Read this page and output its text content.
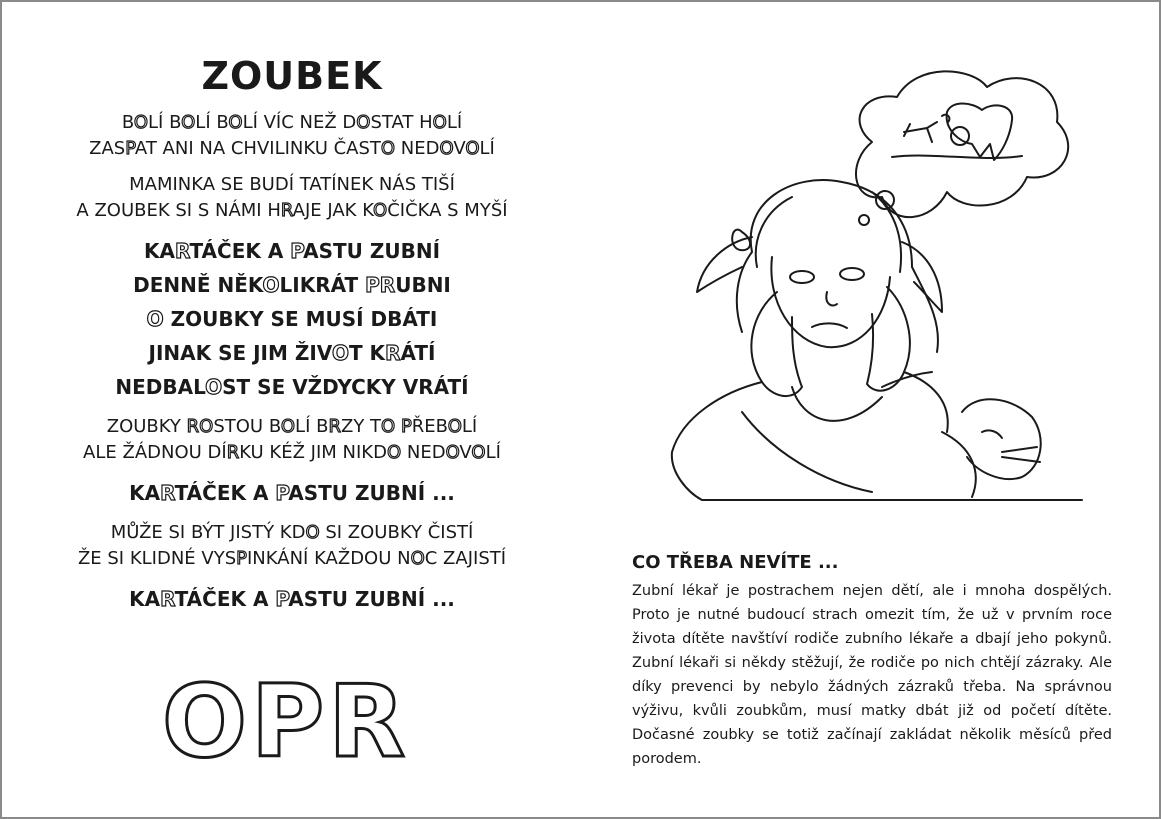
ZOUBEK
BOLÍ BOLÍ BOLÍ VÍC NEŽ DOSTAT HOLÍ
ZASPAT ANI NA CHVILINKU ČASTO NEDOVOLÍ
MAMINKA SE BUDÍ TATÍNEK NÁS TIŠÍ
A ZOUBEK SI S NÁMI HRAJE JAK KOČIČKA S MYŠÍ
KARTÁČEK A PASTU ZUBNÍ
DENNĚ NĚKOLIKRÁT PRUBNI
O ZOUBKY SE MUSÍ DBÁTI
JINAK SE JIM ŽIVOT KRÁTÍ
NEDBALOST SE VŽDYCKY VRÁTÍ
ZOUBKY ROSTOU BOLÍ BRZY TO PŘEBOLÍ
ALE ŽÁDNOU DÍRKU KÉŽ JIM NIKDO NEDOVOLÍ
KARTÁČEK A PASTU ZUBNÍ ...
MŮŽE SI BÝT JISTÝ KDO SI ZOUBKY ČISTÍ
ŽE SI KLIDNÉ VYSPINKÁNÍ KAŽDOU NOC ZAJISTÍ
KARTÁČEK A PASTU ZUBNÍ ...
OPR
CO TŘEBA NEVÍTE ...

Zubní lékař je postrachem nejen dětí, ale i mnoha dospělých. Proto je nutné budoucí strach omezit tím, že už v prvním roce života dítěte navštíví rodiče zubního lékaře a dbají jeho pokynů. Zubní lékaři si někdy stěžují, že rodiče po nich chtějí zázraky. Ale díky prevenci by nebylo žádných zázraků třeba. Na správnou výživu, kvůli zoubkům, musí matky dbát již od početí dítěte. Dočasné zoubky se totiž začínají zakládat několik měsíců před porodem.
